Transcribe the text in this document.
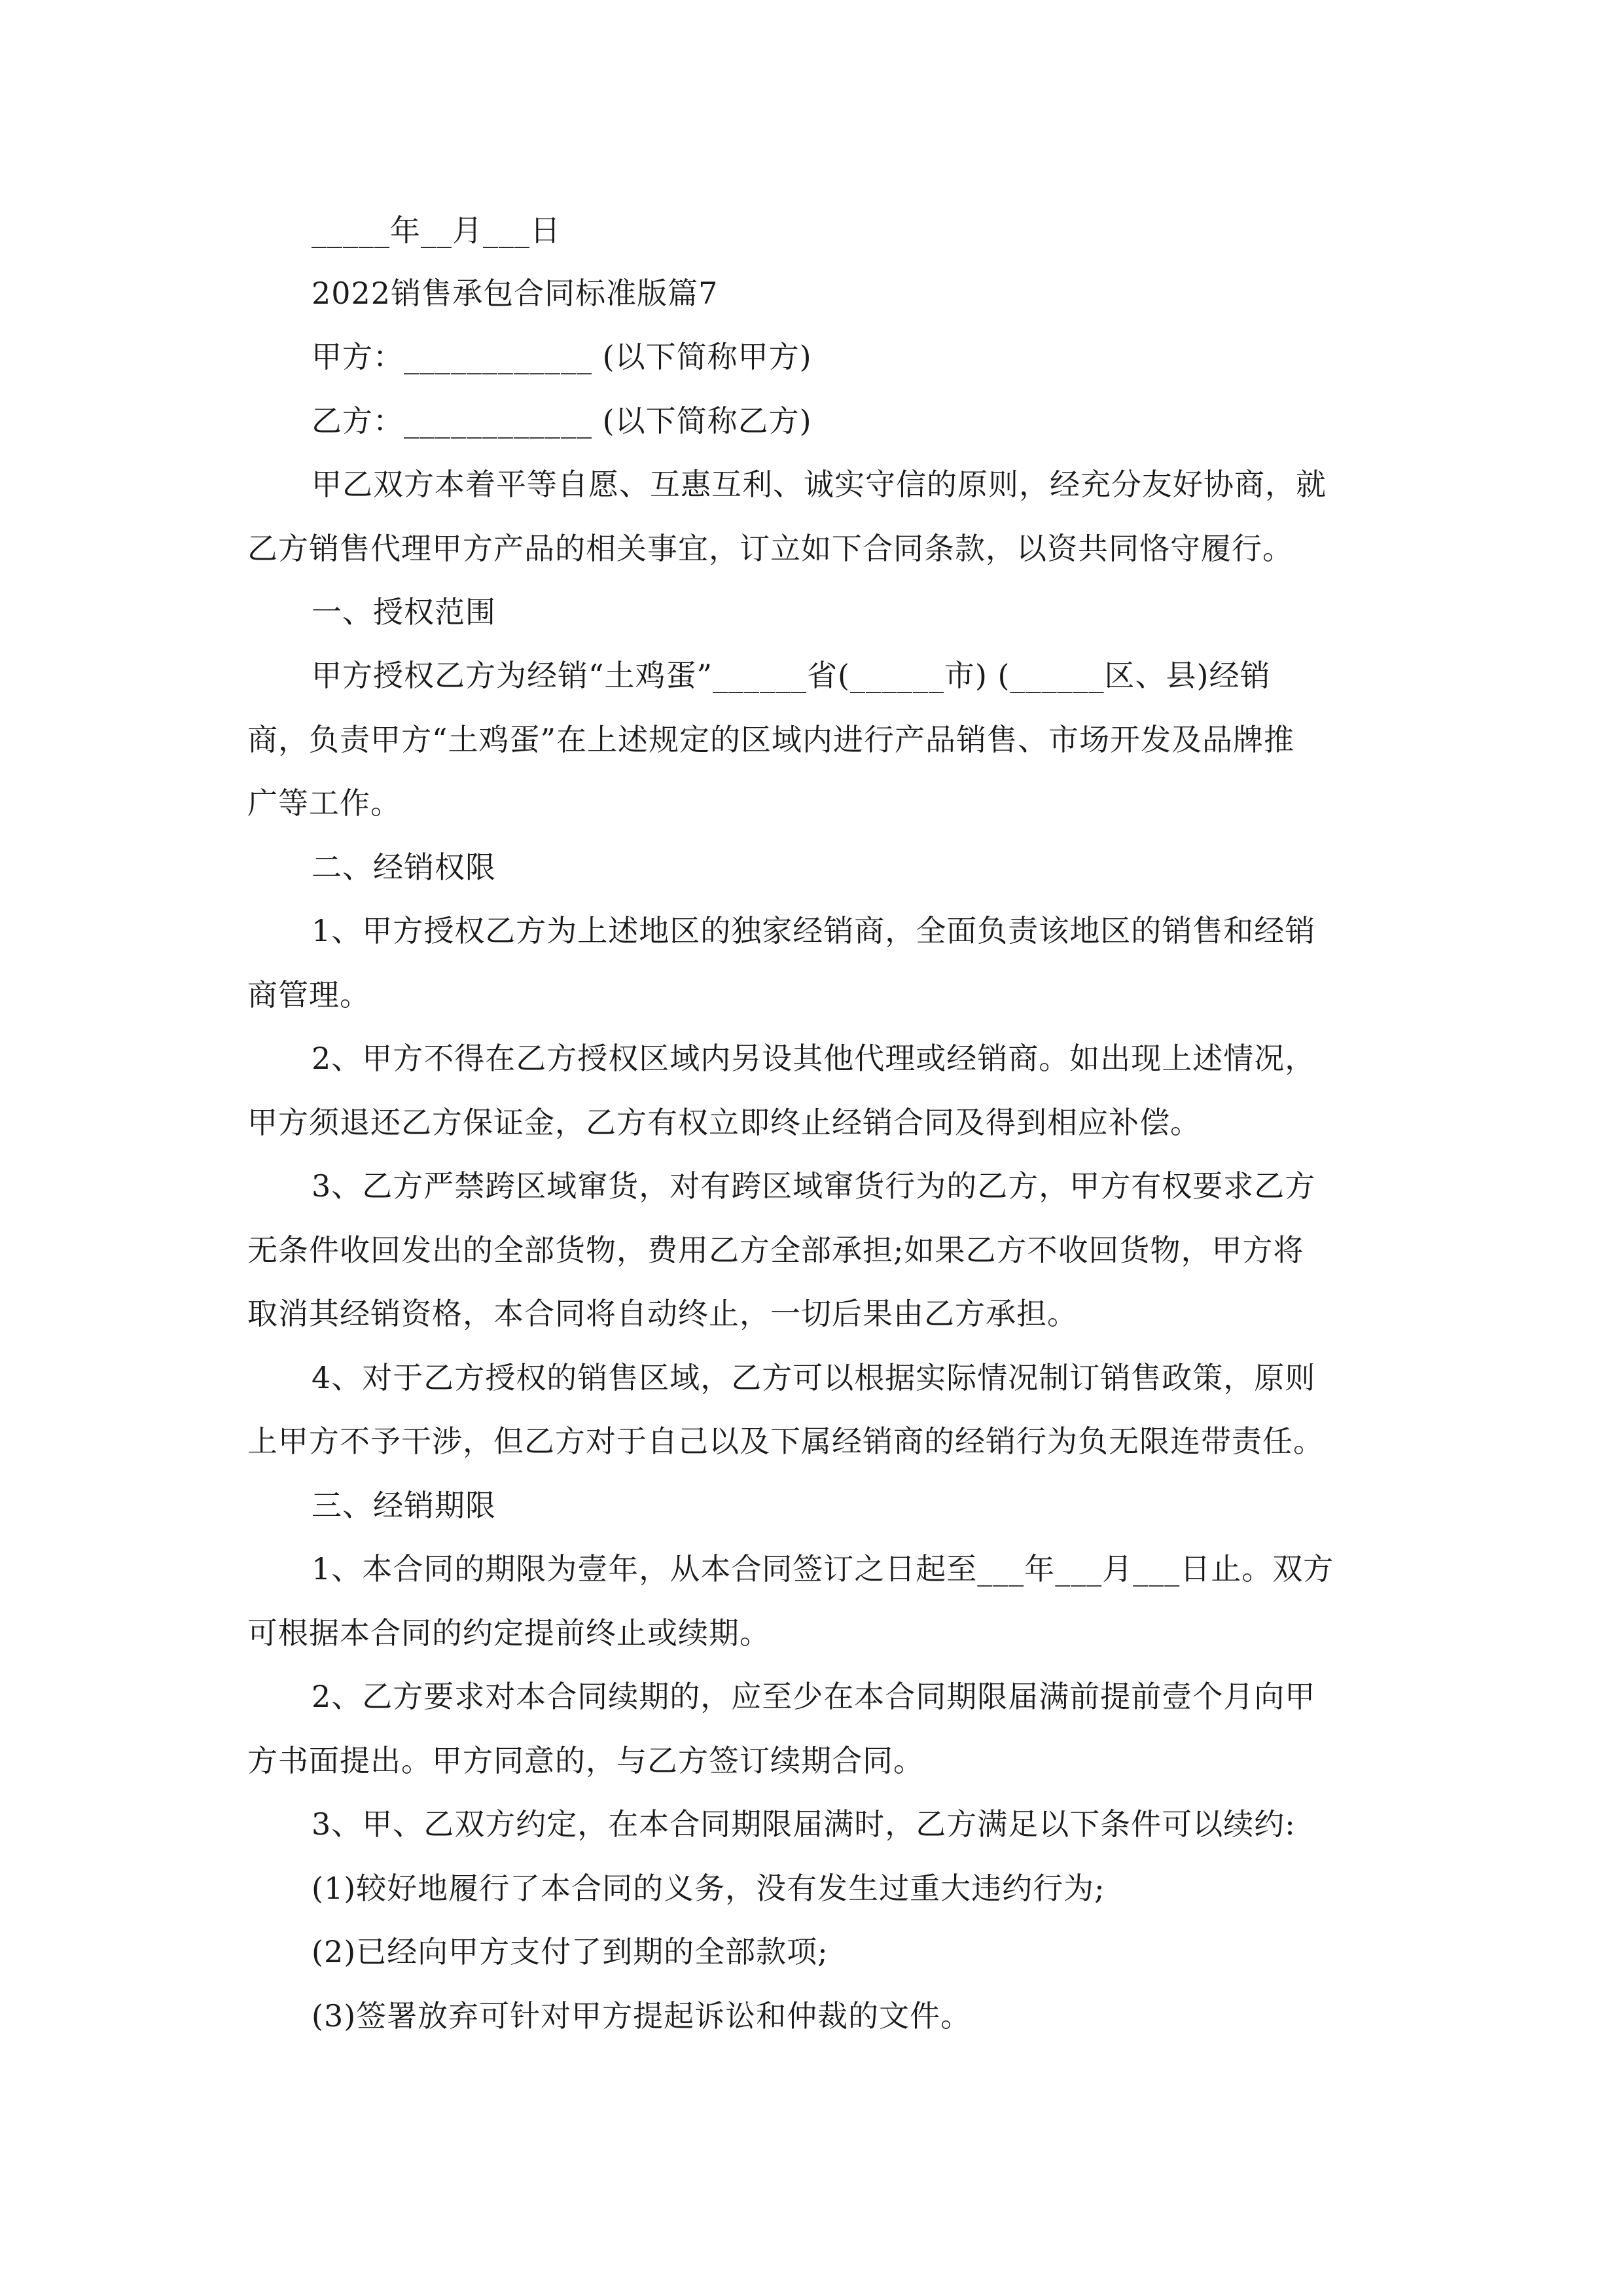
_____年__月___日
2022销售承包合同标准版篇7
甲方：____________ (以下简称甲方)
乙方：____________ (以下简称乙方)
甲乙双方本着平等自愿、互惠互利、诚实守信的原则，经充分友好协商，就
乙方销售代理甲方产品的相关事宜，订立如下合同条款，以资共同恪守履行。
一、授权范围
甲方授权乙方为经销“土鸡蛋”______省(______市) (______区、县)经销
商，负责甲方“土鸡蛋”在上述规定的区域内进行产品销售、市场开发及品牌推
广等工作。
二、经销权限
1、甲方授权乙方为上述地区的独家经销商，全面负责该地区的销售和经销
商管理。
2、甲方不得在乙方授权区域内另设其他代理或经销商。如出现上述情况，
甲方须退还乙方保证金，乙方有权立即终止经销合同及得到相应补偿。
3、乙方严禁跨区域窜货，对有跨区域窜货行为的乙方，甲方有权要求乙方
无条件收回发出的全部货物，费用乙方全部承担;如果乙方不收回货物，甲方将
取消其经销资格，本合同将自动终止，一切后果由乙方承担。
4、对于乙方授权的销售区域，乙方可以根据实际情况制订销售政策，原则
上甲方不予干涉，但乙方对于自己以及下属经销商的经销行为负无限连带责任。
三、经销期限
1、本合同的期限为壹年，从本合同签订之日起至___年___月___日止。双方
可根据本合同的约定提前终止或续期。
2、乙方要求对本合同续期的，应至少在本合同期限届满前提前壹个月向甲
方书面提出。甲方同意的，与乙方签订续期合同。
3、甲、乙双方约定，在本合同期限届满时，乙方满足以下条件可以续约:
(1)较好地履行了本合同的义务，没有发生过重大违约行为;
(2)已经向甲方支付了到期的全部款项;
(3)签署放弃可针对甲方提起诉讼和仲裁的文件。
